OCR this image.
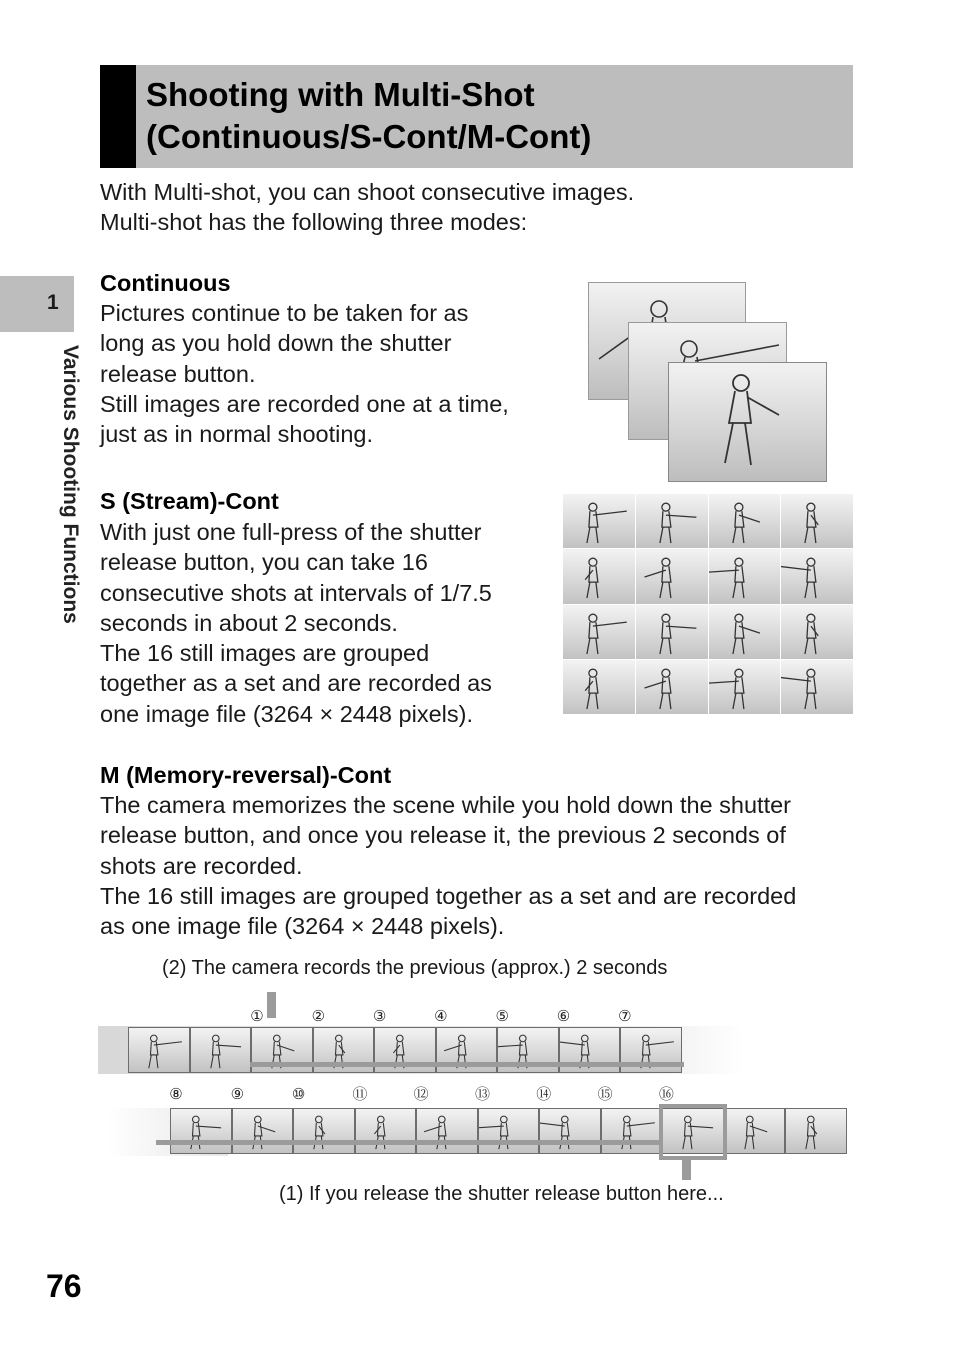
Shooting with Multi-Shot
(Continuous/S-Cont/M-Cont)
With Multi-shot, you can shoot consecutive images.
Multi-shot has the following three modes:
1
Various Shooting Functions
Continuous
Pictures continue to be taken for as
long as you hold down the shutter
release button.
Still images are recorded one at a time,
just as in normal shooting.
S (Stream)-Cont
With just one full-press of the shutter
release button, you can take 16
consecutive shots at intervals of 1/7.5
seconds in about 2 seconds.
The 16 still images are grouped
together as a set and are recorded as
one image file (3264 × 2448 pixels).
M (Memory-reversal)-Cont
The camera memorizes the scene while you hold down the shutter
release button, and once you release it, the previous 2 seconds of
shots are recorded.
The 16 still images are grouped together as a set and are recorded
as one image file (3264 × 2448 pixels).
(2) The camera records the previous (approx.) 2 seconds
①	②	③	④	⑤	⑥	⑦
⑧	⑨	⑩	⑪	⑫	⑬	⑭	⑮	⑯
(1) If you release the shutter release button here...
76
